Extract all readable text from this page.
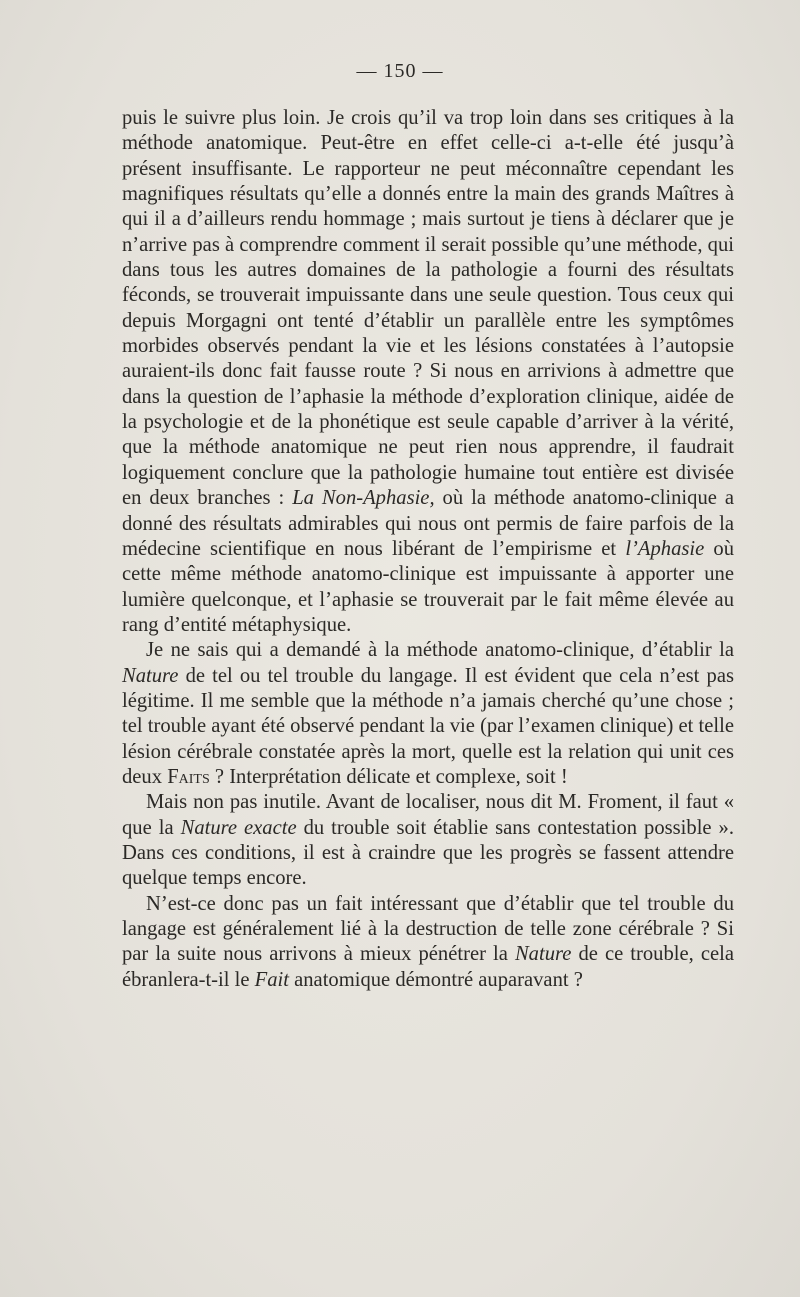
— 150 —

puis le suivre plus loin. Je crois qu’il va trop loin dans ses critiques à la méthode anatomique. Peut-être en effet celle-ci a-t-elle été jusqu’à présent insuffisante. Le rapporteur ne peut méconnaître cependant les magnifiques résultats qu’elle a donnés entre la main des grands Maîtres à qui il a d’ailleurs rendu hommage ; mais surtout je tiens à déclarer que je n’arrive pas à comprendre comment il serait possible qu’une méthode, qui dans tous les autres domaines de la pathologie a fourni des résultats féconds, se trouverait impuissante dans une seule question. Tous ceux qui depuis Morgagni ont tenté d’établir un parallèle entre les symptômes morbides observés pendant la vie et les lésions constatées à l’autopsie auraient-ils donc fait fausse route ? Si nous en arrivions à admettre que dans la question de l’aphasie la méthode d’exploration clinique, aidée de la psychologie et de la phonétique est seule capable d’arriver à la vérité, que la méthode anatomique ne peut rien nous apprendre, il faudrait logiquement conclure que la pathologie humaine tout entière est divisée en deux branches : La Non-Aphasie, où la méthode anatomo-clinique a donné des résultats admirables qui nous ont permis de faire parfois de la médecine scientifique en nous libérant de l’empirisme et l’Aphasie où cette même méthode anatomo-clinique est impuissante à apporter une lumière quelconque, et l’aphasie se trouverait par le fait même élevée au rang d’entité métaphysique.

Je ne sais qui a demandé à la méthode anatomo-clinique, d’établir la Nature de tel ou tel trouble du langage. Il est évident que cela n’est pas légitime. Il me semble que la méthode n’a jamais cherché qu’une chose ; tel trouble ayant été observé pendant la vie (par l’examen clinique) et telle lésion cérébrale constatée après la mort, quelle est la relation qui unit ces deux Faits ? Interprétation délicate et complexe, soit !

Mais non pas inutile. Avant de localiser, nous dit M. Froment, il faut « que la Nature exacte du trouble soit établie sans contestation possible ». Dans ces conditions, il est à craindre que les progrès se fassent attendre quelque temps encore.

N’est-ce donc pas un fait intéressant que d’établir que tel trouble du langage est généralement lié à la destruction de telle zone cérébrale ? Si par la suite nous arrivons à mieux pénétrer la Nature de ce trouble, cela ébranlera-t-il le Fait anatomique démontré auparavant ?
